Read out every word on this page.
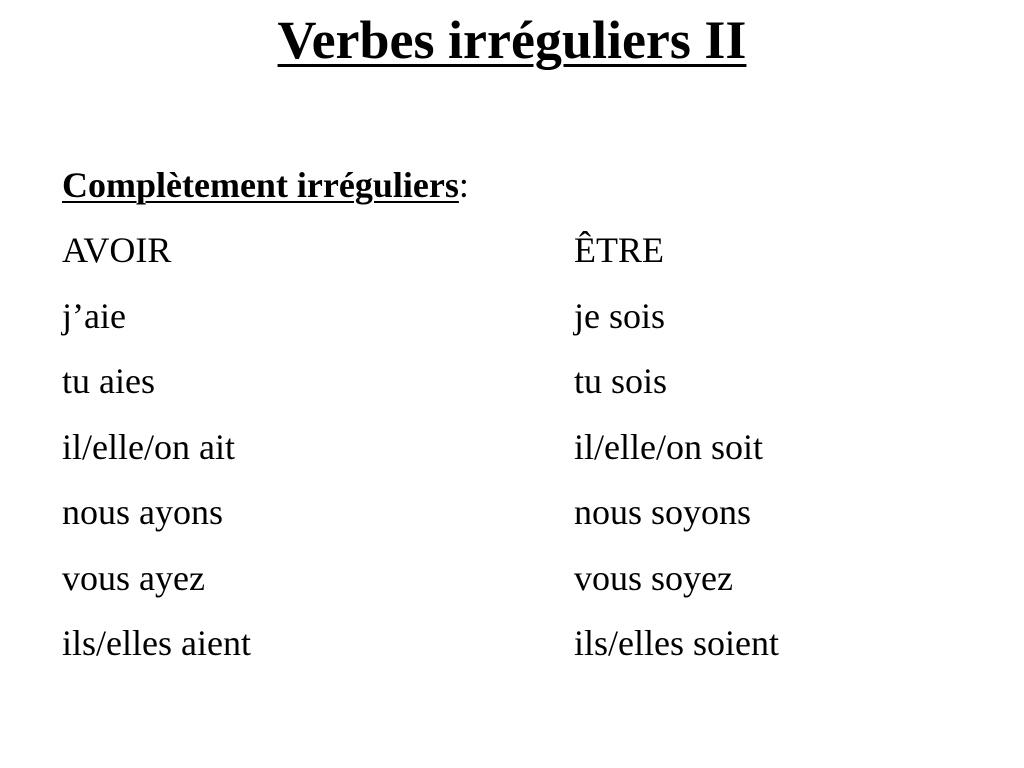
Verbes irréguliers II

Complètement irréguliers:

AVOIR	ÊTRE
j’aie	je sois
tu aies	tu sois
il/elle/on ait	il/elle/on soit
nous ayons	nous soyons
vous ayez	vous soyez
ils/elles aient	ils/elles soient
